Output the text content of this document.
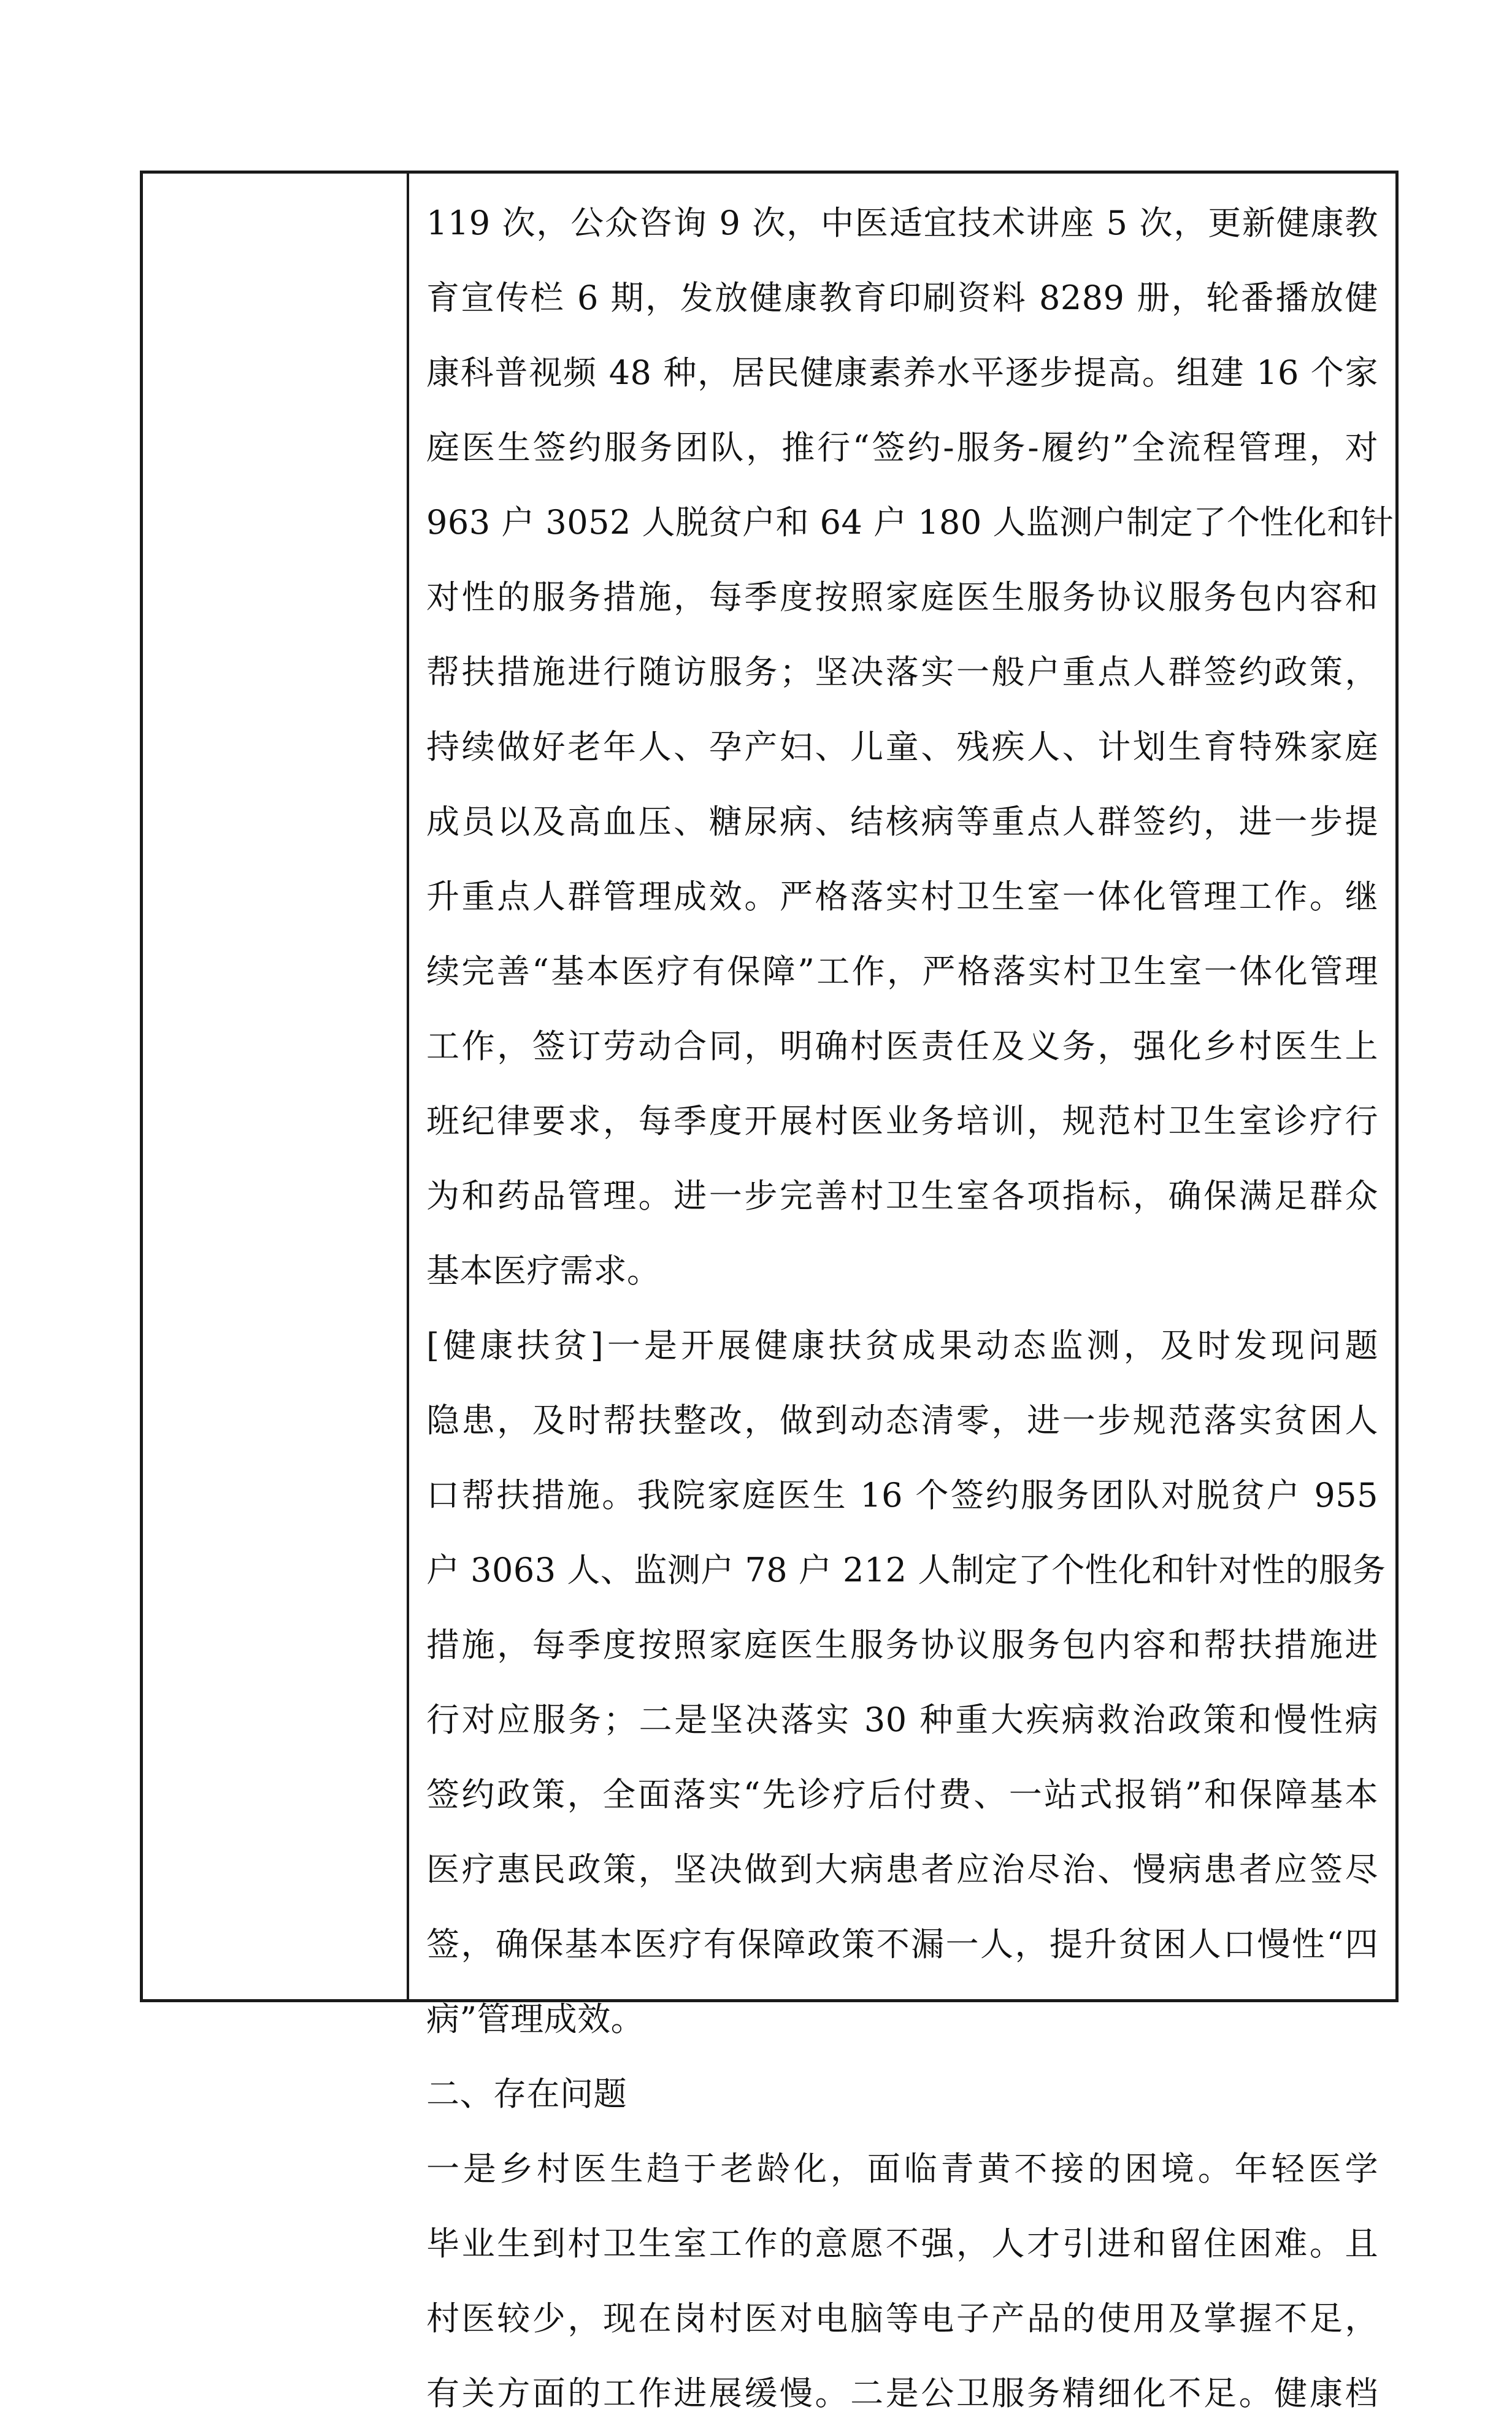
119 次，公众咨询 9 次，中医适宜技术讲座 5 次，更新健康教
育宣传栏 6 期，发放健康教育印刷资料 8289 册，轮番播放健
康科普视频 48 种，居民健康素养水平逐步提高。组建 16 个家
庭医生签约服务团队，推行“签约-服务-履约”全流程管理，对
963 户 3052 人脱贫户和 64 户 180 人监测户制定了个性化和针
对性的服务措施，每季度按照家庭医生服务协议服务包内容和
帮扶措施进行随访服务；坚决落实一般户重点人群签约政策，
持续做好老年人、孕产妇、儿童、残疾人、计划生育特殊家庭
成员以及高血压、糖尿病、结核病等重点人群签约，进一步提
升重点人群管理成效。严格落实村卫生室一体化管理工作。继
续完善“基本医疗有保障”工作，严格落实村卫生室一体化管理
工作，签订劳动合同，明确村医责任及义务，强化乡村医生上
班纪律要求，每季度开展村医业务培训，规范村卫生室诊疗行
为和药品管理。进一步完善村卫生室各项指标，确保满足群众
基本医疗需求。
[健康扶贫]一是开展健康扶贫成果动态监测，及时发现问题
隐患，及时帮扶整改，做到动态清零，进一步规范落实贫困人
口帮扶措施。我院家庭医生 16 个签约服务团队对脱贫户 955
户 3063 人、监测户 78 户 212 人制定了个性化和针对性的服务
措施，每季度按照家庭医生服务协议服务包内容和帮扶措施进
行对应服务；二是坚决落实 30 种重大疾病救治政策和慢性病
签约政策，全面落实“先诊疗后付费、一站式报销”和保障基本
医疗惠民政策，坚决做到大病患者应治尽治、慢病患者应签尽
签，确保基本医疗有保障政策不漏一人，提升贫困人口慢性“四
病”管理成效。
二、存在问题
一是乡村医生趋于老龄化，面临青黄不接的困境。年轻医学
毕业生到村卫生室工作的意愿不强，人才引进和留住困难。且
村医较少，现在岗村医对电脑等电子产品的使用及掌握不足，
有关方面的工作进展缓慢。二是公卫服务精细化不足。健康档
